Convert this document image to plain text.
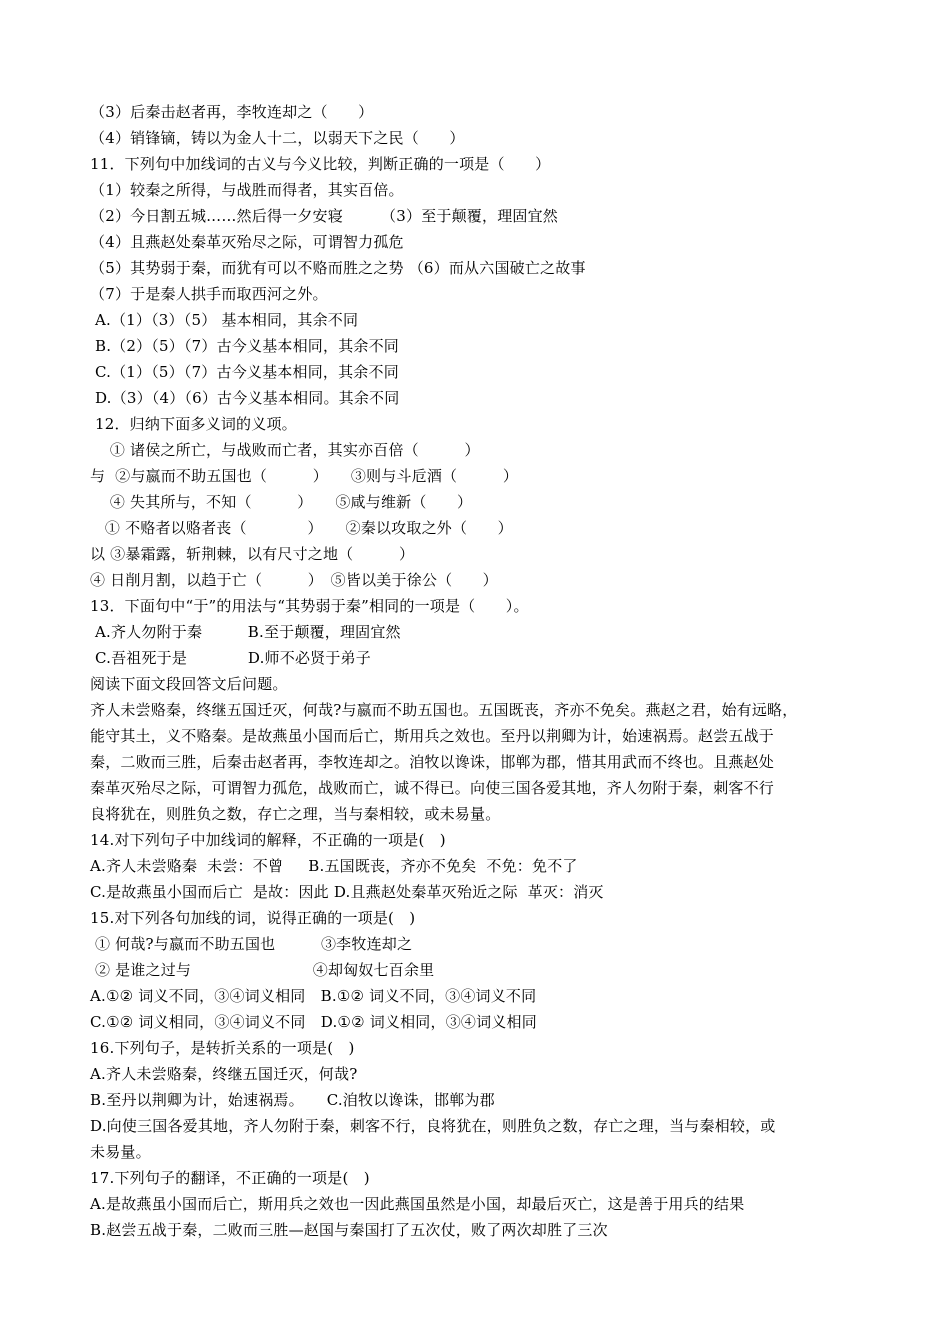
（3）后秦击赵者再，李牧连却之（　　）
（4）销锋镝，铸以为金人十二，以弱天下之民（　　）
11．下列句中加线词的古义与今义比较，判断正确的一项是（　　）
（1）较秦之所得，与战胜而得者，其实百倍。
（2）今日割五城……然后得一夕安寝　　　（3）至于颠覆，理固宜然
（4）且燕赵处秦革灭殆尽之际，可谓智力孤危
（5）其势弱于秦，而犹有可以不赂而胜之之势 （6）而从六国破亡之故事
（7）于是秦人拱手而取西河之外。
A.（1）（3）（5） 基本相同，其余不同
B.（2）（5）（7）古今义基本相同，其余不同
C.（1）（5）（7）古今义基本相同，其余不同
D.（3）（4）（6）古今义基本相同。其余不同
12．归纳下面多义词的义项。
① 诸侯之所亡，与战败而亡者，其实亦百倍（　　　）
与  ②与嬴而不助五国也（　　　）　　③则与斗卮酒（　　　）
④ 失其所与，不知（　　　）　　⑤咸与维新（　　）
① 不赂者以赂者丧（　　　　）　　②秦以攻取之外（　　）
以 ③暴霜露，斩荆棘，以有尺寸之地（　　　）
④ 日削月割，以趋于亡（　　　）　⑤皆以美于徐公（　　）
13．下面句中“于”的用法与“其势弱于秦”相同的一项是（　　）。
A.齐人勿附于秦　　　B.至于颠覆，理固宜然
C.吾祖死于是　　　　D.师不必贤于弟子
阅读下面文段回答文后问题。
齐人未尝赂秦，终继五国迁灭，何哉?与嬴而不助五国也。五国既丧，齐亦不免矣。燕赵之君，始有远略，
能守其土，义不赂秦。是故燕虽小国而后亡，斯用兵之效也。至丹以荆卿为计，始速祸焉。赵尝五战于
秦，二败而三胜，后秦击赵者再，李牧连却之。洎牧以谗诛，邯郸为郡，惜其用武而不终也。且燕赵处
秦革灭殆尽之际，可谓智力孤危，战败而亡，诚不得已。向使三国各爱其地，齐人勿附于秦，刺客不行
良将犹在，则胜负之数，存亡之理，当与秦相较，或未易量。
14.对下列句子中加线词的解释，不正确的一项是(　)
A.齐人未尝赂秦  未尝：不曾　  B.五国既丧，齐亦不免矣  不免：免不了
C.是故燕虽小国而后亡  是故：因此 D.且燕赵处秦革灭殆近之际  革灭：消灭
15.对下列各句加线的词，说得正确的一项是(　)
① 何哉?与嬴而不助五国也　　　③李牧连却之
② 是谁之过与　　　　　　　　④却匈奴七百余里
A.①② 词义不同，③④词义相同　B.①② 词义不同，③④词义不同
C.①② 词义相同，③④词义不同　D.①② 词义相同，③④词义相同
16.下列句子，是转折关系的一项是(　)
A.齐人未尝赂秦，终继五国迁灭，何哉?
B.至丹以荆卿为计，始速祸焉。　　C.洎牧以谗诛，邯郸为郡
D.向使三国各爱其地，齐人勿附于秦，刺客不行，良将犹在，则胜负之数，存亡之理，当与秦相较，或
未易量。
17.下列句子的翻译，不正确的一项是(　)
A.是故燕虽小国而后亡，斯用兵之效也一因此燕国虽然是小国，却最后灭亡，这是善于用兵的结果
B.赵尝五战于秦，二败而三胜—赵国与秦国打了五次仗，败了两次却胜了三次
